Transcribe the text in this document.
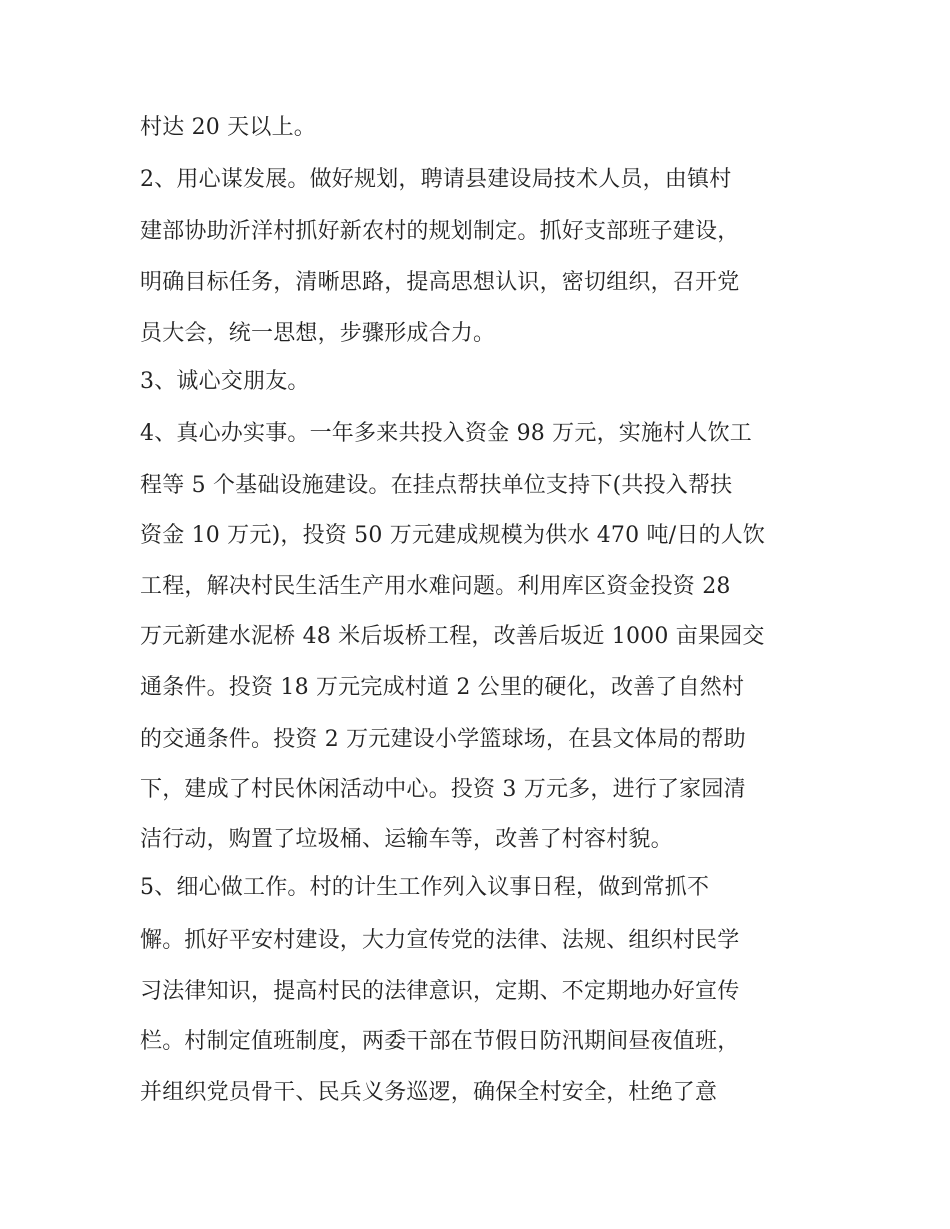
村达 20 天以上。
2、用心谋发展。做好规划，聘请县建设局技术人员，由镇村
建部协助沂洋村抓好新农村的规划制定。抓好支部班子建设，
明确目标任务，清晰思路，提高思想认识，密切组织，召开党
员大会，统一思想，步骤形成合力。
3、诚心交朋友。
4、真心办实事。一年多来共投入资金 98 万元，实施村人饮工
程等 5 个基础设施建设。在挂点帮扶单位支持下(共投入帮扶
资金 10 万元)，投资 50 万元建成规模为供水 470 吨/日的人饮
工程，解决村民生活生产用水难问题。利用库区资金投资 28
万元新建水泥桥 48 米后坂桥工程，改善后坂近 1000 亩果园交
通条件。投资 18 万元完成村道 2 公里的硬化，改善了自然村
的交通条件。投资 2 万元建设小学篮球场，在县文体局的帮助
下，建成了村民休闲活动中心。投资 3 万元多，进行了家园清
洁行动，购置了垃圾桶、运输车等，改善了村容村貌。
5、细心做工作。村的计生工作列入议事日程，做到常抓不
懈。抓好平安村建设，大力宣传党的法律、法规、组织村民学
习法律知识，提高村民的法律意识，定期、不定期地办好宣传
栏。村制定值班制度，两委干部在节假日防汛期间昼夜值班，
并组织党员骨干、民兵义务巡逻，确保全村安全，杜绝了意
